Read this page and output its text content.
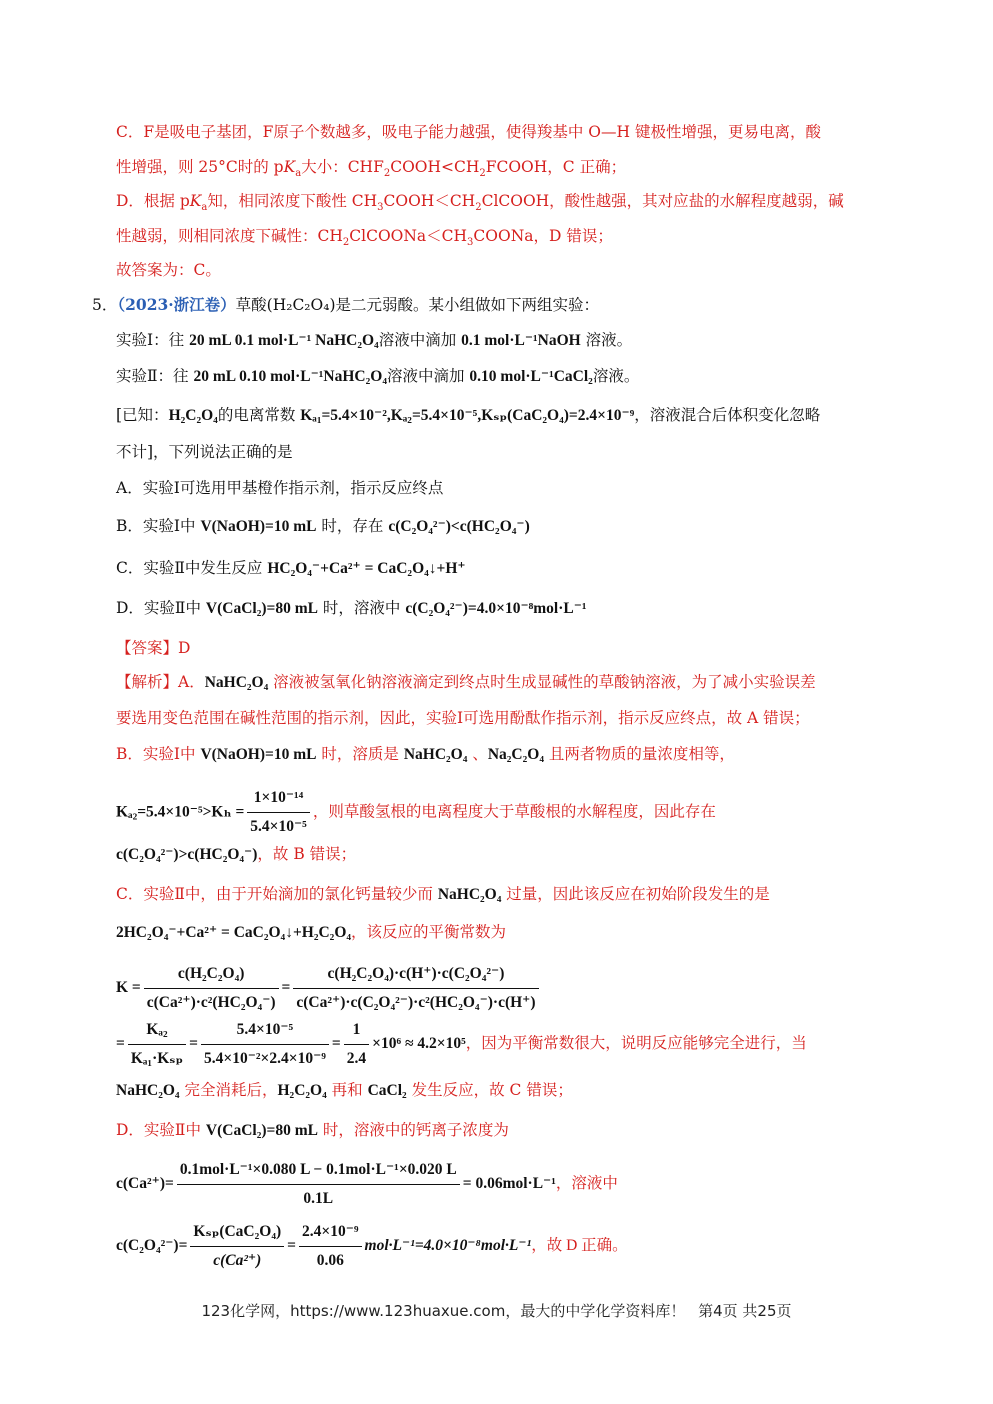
C．F是吸电子基团，F原子个数越多，吸电子能力越强，使得羧基中 O—H 键极性增强，更易电离，酸
性增强，则 25°C时的 $pK_a$大小：$CHF_2COOH<CH_2FCOOH$，C 正确；
D．根据 $pK_a$知，相同浓度下酸性 $CH_3COOH<CH_2ClCOOH$，酸性越强，其对应盐的水解程度越弱，碱
性越弱，则相同浓度下碱性：$CH_2ClCOONa<CH_3COONa$，D 错误；
故答案为：C。
5．（2023·浙江卷）草酸(H₂C₂O₄)是二元弱酸。某小组做如下两组实验：
实验Ⅰ：往 20 mL 0.1 mol·L⁻¹ NaHC₂O₄溶液中滴加 0.1 mol·L⁻¹NaOH 溶液。
实验Ⅱ：往 20 mL 0.10 mol·L⁻¹NaHC₂O₄溶液中滴加 0.10 mol·L⁻¹CaCl₂溶液。
[已知：H₂C₂O₄的电离常数 Kₐ₁=5.4×10⁻²,Kₐ₂=5.4×10⁻⁵,Kₛₚ(CaC₂O₄)=2.4×10⁻⁹，溶液混合后体积变化忽略
不计]，下列说法正确的是
A．实验Ⅰ可选用甲基橙作指示剂，指示反应终点
B．实验Ⅰ中 V(NaOH)=10 mL 时，存在 c(C₂O₄²⁻)<c(HC₂O₄⁻)
C．实验Ⅱ中发生反应 HC₂O₄⁻+Ca²⁺ = CaC₂O₄↓+H⁺
D．实验Ⅱ中 V(CaCl₂)=80 mL 时，溶液中 c(C₂O₄²⁻)=4.0×10⁻⁸mol·L⁻¹
【答案】D
【解析】A．NaHC₂O₄ 溶液被氢氧化钠溶液滴定到终点时生成显碱性的草酸钠溶液，为了减小实验误差
要选用变色范围在碱性范围的指示剂，因此，实验Ⅰ可选用酚酞作指示剂，指示反应终点，故 A 错误；
B．实验Ⅰ中 V(NaOH)=10 mL 时，溶质是 NaHC₂O₄ 、Na₂C₂O₄ 且两者物质的量浓度相等，
$K_{a2}=5.4\times 10^{-5}>K_h = \frac{\text{1×10⁻¹⁴}}{\text{5.4×10⁻⁵}}$ ，则草酸氢根的电离程度大于草酸根的水解程度，因此存在
c(C₂O₄²⁻)>c(HC₂O₄⁻)，故 B 错误；
C．实验Ⅱ中，由于开始滴加的氯化钙量较少而 NaHC₂O₄ 过量，因此该反应在初始阶段发生的是
2HC₂O₄⁻+Ca²⁺ = CaC₂O₄↓+H₂C₂O₄，该反应的平衡常数为
$K = \frac{\text{c(H₂C₂O₄)}}{\text{c(Ca²⁺)·c²(HC₂O₄⁻)}} = \frac{\text{c(H₂C₂O₄)·c(H⁺)·c(C₂O₄²⁻)}}{\text{c(Ca²⁺)·c(C₂O₄²⁻)·c²(HC₂O₄⁻)·c(H⁺)}}$
= $\frac{\text{Kₐ₂}}{\text{Kₐ₁·Kₛₚ}} = \frac{\text{5.4×10⁻⁵}}{\text{5.4×10⁻²×2.4×10⁻⁹}} = \frac{1}{2.4} \times 10^6 \approx 4.2\times 10^5$，因为平衡常数很大，说明反应能够完全进行，当
NaHC₂O₄ 完全消耗后，H₂C₂O₄ 再和 CaCl₂ 发生反应，故 C 错误；
D．实验Ⅱ中 V(CaCl₂)=80 mL 时，溶液中的钙离子浓度为
$c(Ca^{2+})= \frac{\text{0.1mol·L⁻¹×0.080 L − 0.1mol·L⁻¹×0.020 L}}{0.1L} = 0.06mol\cdot L^{-1}$，溶液中
$c(C_2O_4^{2-})= \frac{\text{Kₛₚ(CaC₂O₄)}}{\text{c(Ca²⁺)}} = \frac{\text{2.4×10⁻⁹}}{0.06} mol\cdot L^{-1}=4.0\times 10^{-8}mol\cdot L^{-1}$，故 D 正确。
123化学网，https://www.123huaxue.com，最大的中学化学资料库！ 第4页 共25页
